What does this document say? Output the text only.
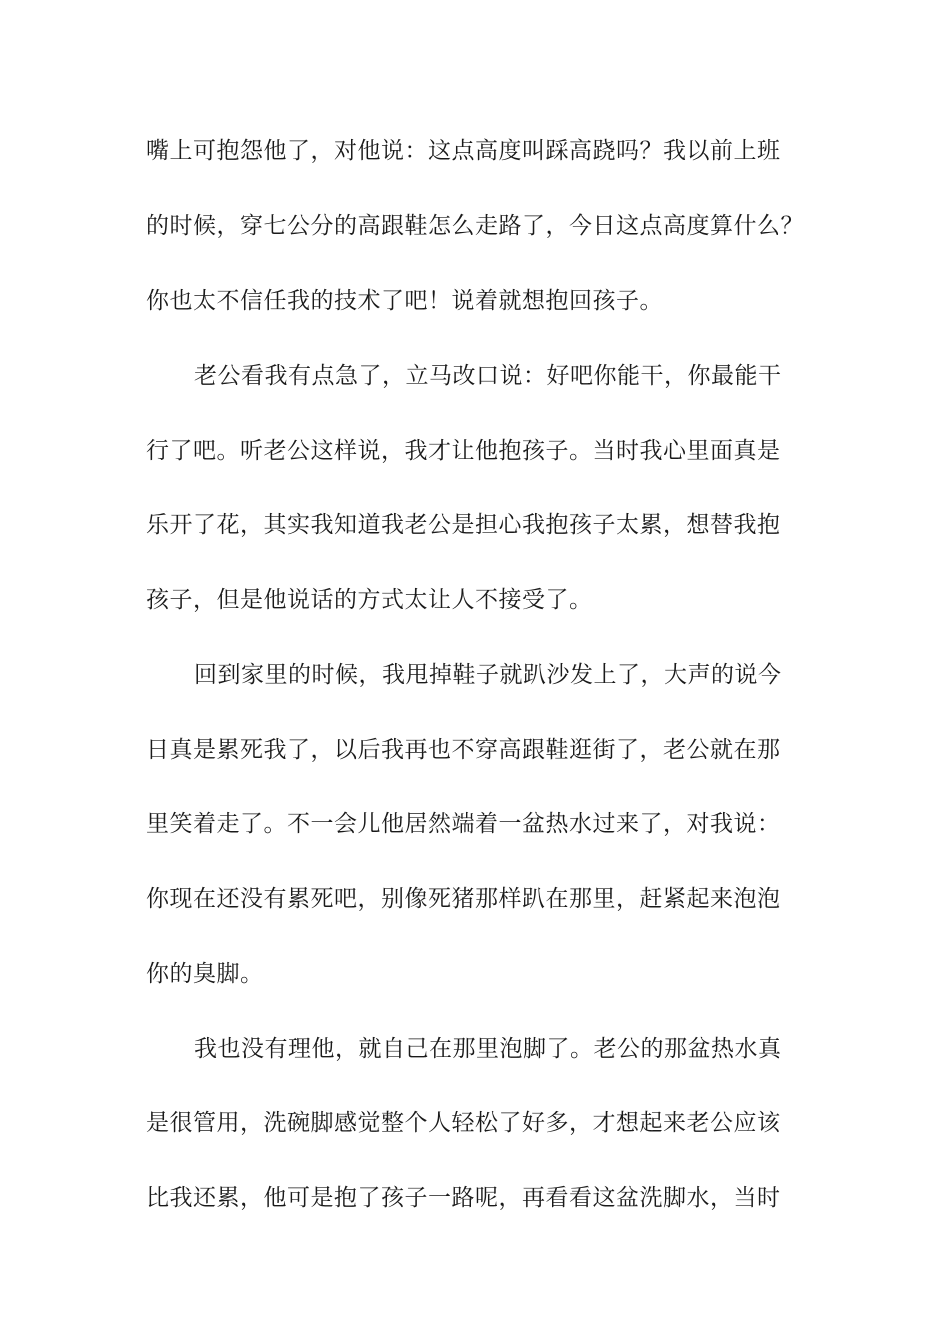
嘴上可抱怨他了，对他说：这点高度叫踩高跷吗？我以前上班
的时候，穿七公分的高跟鞋怎么走路了，今日这点高度算什么？
你也太不信任我的技术了吧！说着就想抱回孩子。
老公看我有点急了，立马改口说：好吧你能干，你最能干
行了吧。听老公这样说，我才让他抱孩子。当时我心里面真是
乐开了花，其实我知道我老公是担心我抱孩子太累，想替我抱
孩子，但是他说话的方式太让人不接受了。
回到家里的时候，我甩掉鞋子就趴沙发上了，大声的说今
日真是累死我了，以后我再也不穿高跟鞋逛街了，老公就在那
里笑着走了。不一会儿他居然端着一盆热水过来了，对我说：
你现在还没有累死吧，别像死猪那样趴在那里，赶紧起来泡泡
你的臭脚。
我也没有理他，就自己在那里泡脚了。老公的那盆热水真
是很管用，洗碗脚感觉整个人轻松了好多，才想起来老公应该
比我还累，他可是抱了孩子一路呢，再看看这盆洗脚水，当时
